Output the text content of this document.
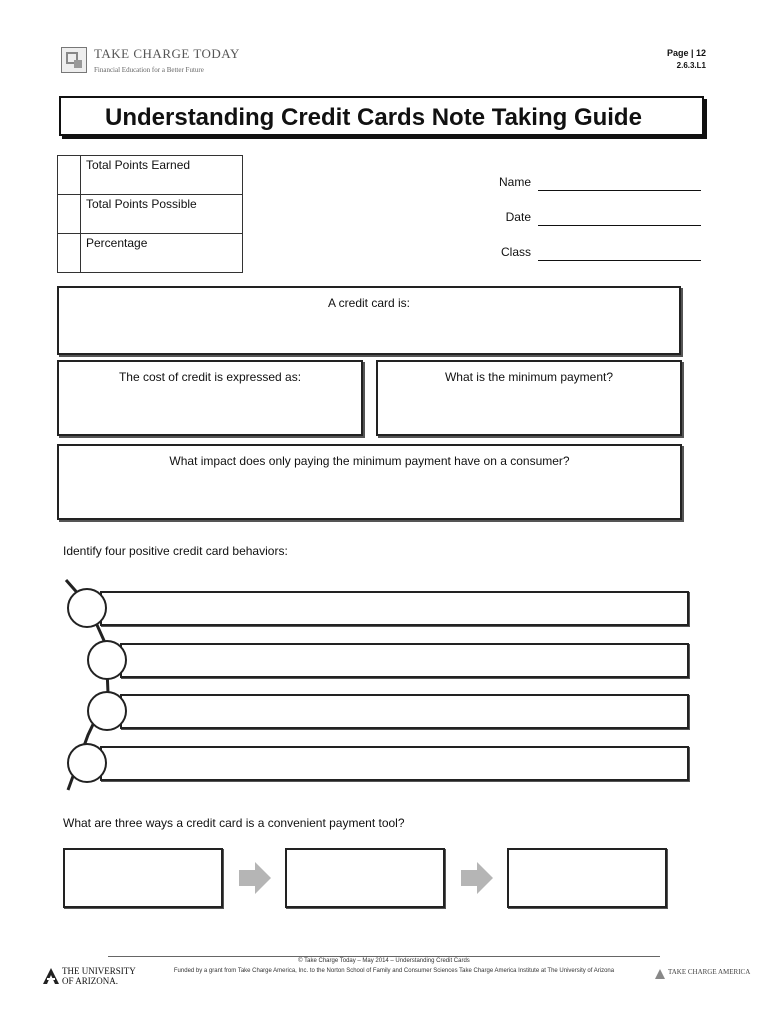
TAKE CHARGE TODAY
Financial Education for a Better Future
Page | 12
2.6.3.L1
Understanding Credit Cards Note Taking Guide
	Total Points Earned
	Total Points Possible
	Percentage
Name
Date
Class
A credit card is:
The cost of credit is expressed as:	What is the minimum payment?
What impact does only paying the minimum payment have on a consumer?
Identify four positive credit card behaviors:
What are three ways a credit card is a convenient payment tool?
© Take Charge Today – May 2014 – Understanding Credit Cards
Funded by a grant from Take Charge America, Inc. to the Norton School of Family and Consumer Sciences Take Charge America Institute at The University of Arizona
THE UNIVERSITY
OF ARIZONA.
TAKE CHARGE AMERICA
